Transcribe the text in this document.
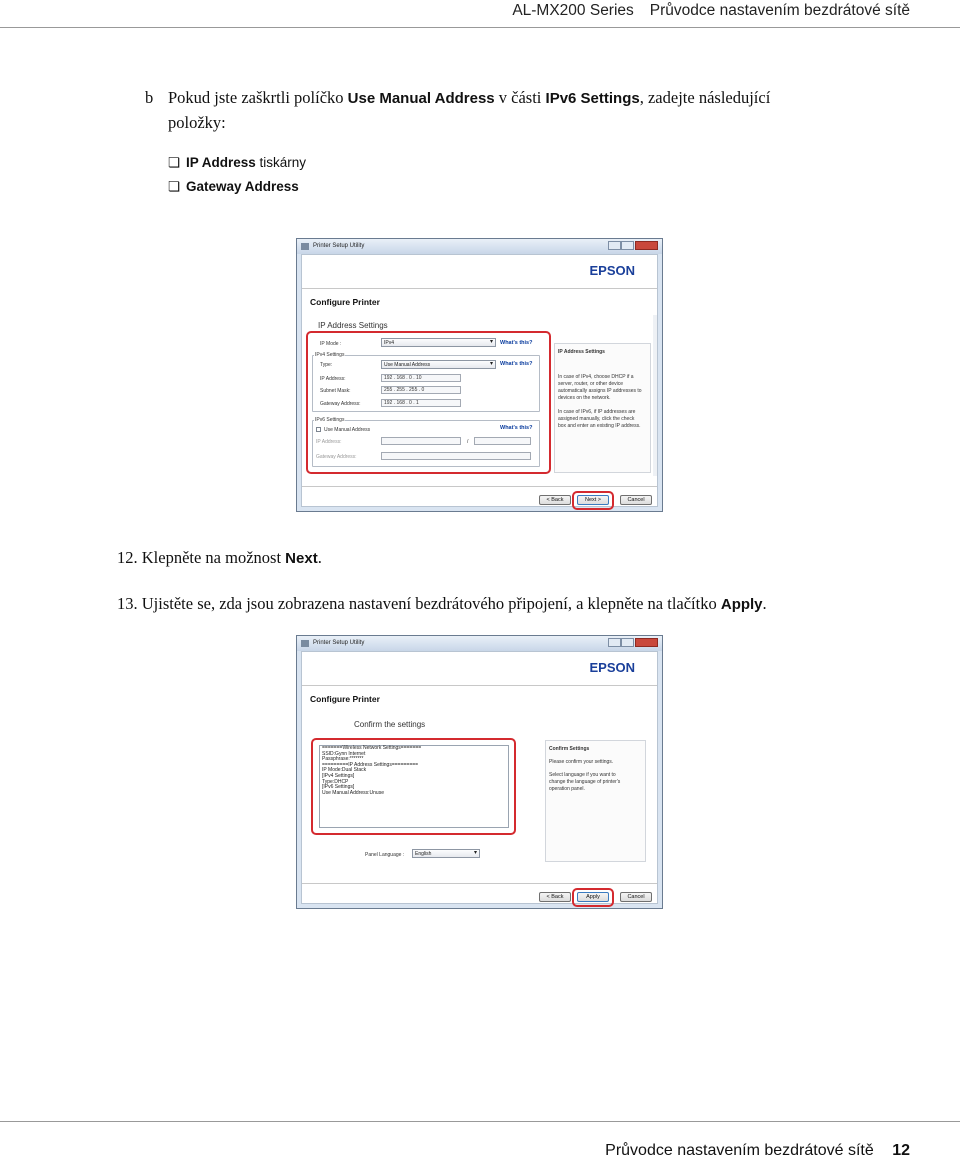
AL-MX200 Series Průvodce nastavením bezdrátové sítě
b Pokud jste zaškrtli políčko Use Manual Address v části IPv6 Settings, zadejte následující
položky:
❏ IP Address tiskárny
❏ Gateway Address
Printer Setup Utility
EPSON
Configure Printer
IP Address Settings
IP Mode :	IPv4 ▾	What's this?
IPv4 Settings
Type:	Use Manual Address ▾	What's this?
IP Address:	192 . 168 . 0 . 10
Subnet Mask:	255 . 255 . 255 . 0
Gateway Address:	192 . 168 . 0 . 1
IPv6 Settings
Use Manual Address	What's this?
IP Address:	/
Gateway Address:
IP Address Settings
In case of IPv4, choose DHCP if a
server, router, or other device
automatically assigns IP addresses to
devices on the network.
In case of IPv6, if IP addresses are
assigned manually, click the check
box and enter an existing IP address.
< Back	Next >	Cancel
12. Klepněte na možnost Next.
13. Ujistěte se, zda jsou zobrazena nastavení bezdrátového připojení, a klepněte na tlačítko Apply.
Printer Setup Utility
EPSON
Configure Printer
Confirm the settings
=======Wireless Network Settings=======
SSID:Gynn Internet
Passphrase:*******
=========IP Address Settings=========
IP Mode:Dual Stack
[IPv4 Settings]
Type:DHCP
[IPv6 Settings]
Use Manual Address:Unuse
Panel Language :	English ▾
Confirm Settings
Please confirm your settings.
Select language if you want to
change the language of printer's
operation panel.
< Back	Apply	Cancel
Průvodce nastavením bezdrátové sítě 12
